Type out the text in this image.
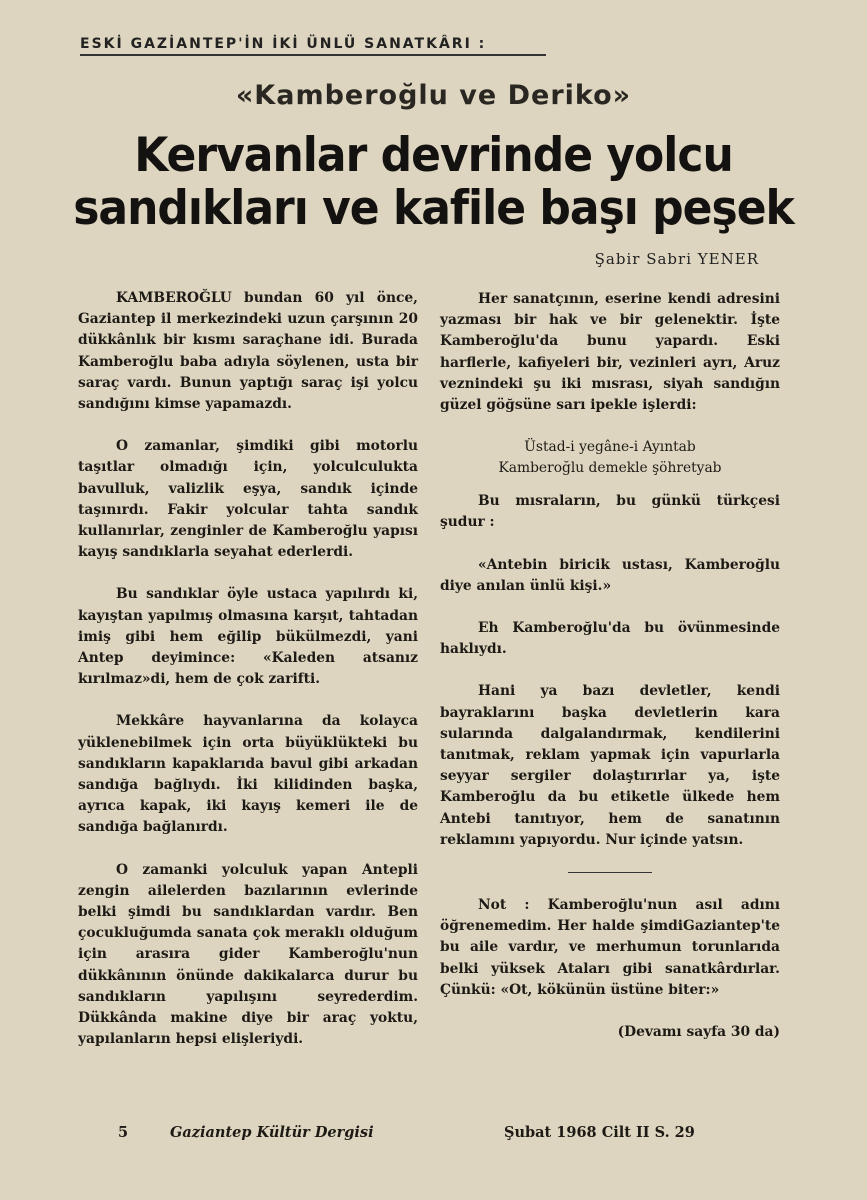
ESKİ GAZİANTEP'İN İKİ ÜNLÜ SANATKÂRI :
«Kamberoğlu ve Deriko»
Kervanlar devrinde yolcu
sandıkları ve kafile başı peşek
Şabir Sabri YENER

KAMBEROĞLU bundan 60 yıl önce, Gaziantep il merkezindeki uzun çarşının 20 dükkânlık bir kısmı saraçhane idi. Burada Kamberoğlu baba adıyla söylenen, usta bir saraç vardı. Bunun yaptığı saraç işi yolcu sandığını kimse yapamazdı.

O zamanlar, şimdiki gibi motorlu taşıtlar olmadığı için, yolculculukta bavulluk, valizlik eşya, sandık içinde taşınırdı. Fakir yolcular tahta sandık kullanırlar, zenginler de Kamberoğlu yapısı kayış sandıklarla seyahat ederlerdi.

Bu sandıklar öyle ustaca yapılırdı ki, kayıştan yapılmış olmasına karşıt, tahtadan imiş gibi hem eğilip bükülmezdi, yani Antep deyimince: «Kaleden atsanız kırılmaz»di, hem de çok zarifti.

Mekkâre hayvanlarına da kolayca yüklenebilmek için orta büyüklükteki bu sandıkların kapaklarıda bavul gibi arkadan sandığa bağlıydı. İki kilidinden başka, ayrıca kapak, iki kayış kemeri ile de sandığa bağlanırdı.

O zamanki yolculuk yapan Antepli zengin ailelerden bazılarının evlerinde belki şimdi bu sandıklardan vardır. Ben çocukluğumda sanata çok meraklı olduğum için arasıra gider Kamberoğlu'nun dükkânının önünde dakikalarca durur bu sandıkların yapılışını seyrederdim. Dükkânda makine diye bir araç yoktu, yapılanların hepsi elişleriydi.

Her sanatçının, eserine kendi adresini yazması bir hak ve bir gelenektir. İşte Kamberoğlu'da bunu yapardı. Eski harflerle, kafiyeleri bir, vezinleri ayrı, Aruz veznindeki şu iki mısrası, siyah sandığın güzel göğsüne sarı ipekle işlerdi:

Üstad-i yegâne-i Ayıntab
Kamberoğlu demekle şöhretyab

Bu mısraların, bu günkü türkçesi şudur :

«Antebin biricik ustası, Kamberoğlu diye anılan ünlü kişi.»

Eh Kamberoğlu'da bu övünmesinde haklıydı.

Hani ya bazı devletler, kendi bayraklarını başka devletlerin kara sularında dalgalandırmak, kendilerini tanıtmak, reklam yapmak için vapurlarla seyyar sergiler dolaştırırlar ya, işte Kamberoğlu da bu etiketle ülkede hem Antebi tanıtıyor, hem de sanatının reklamını yapıyordu. Nur içinde yatsın.

Not : Kamberoğlu'nun asıl adını öğrenemedim. Her halde şimdiGaziantep'te bu aile vardır, ve merhumun torunlarıda belki yüksek Ataları gibi sanatkârdırlar. Çünkü: «Ot, kökünün üstüne biter:»

(Devamı sayfa 30 da)

5	Gaziantep Kültür Dergisi	Şubat 1968 Cilt II S. 29
